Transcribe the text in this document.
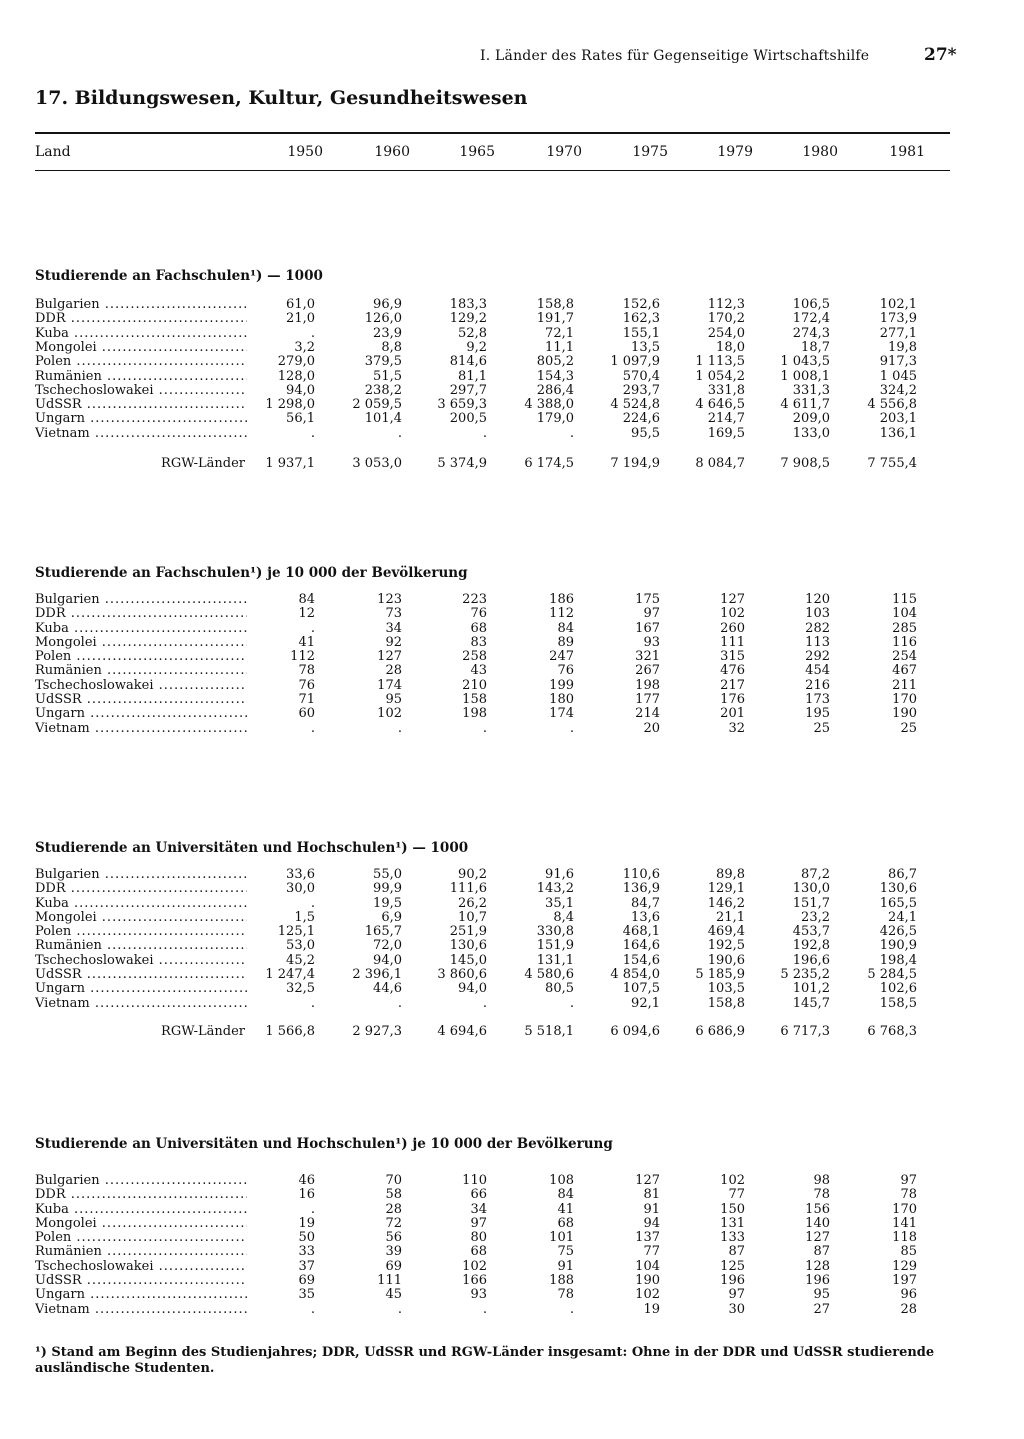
I. Länder des Rates für Gegenseitige Wirtschaftshilfe	27*
17. Bildungswesen, Kultur, Gesundheitswesen
Land	1950	1960	1965	1970	1975	1979	1980	1981
Studierende an Fachschulen¹) — 1000
Bulgarien .....	61,0	96,9	183,3	158,8	152,6	112,3	106,5	102,1
DDR .....	21,0	126,0	129,2	191,7	162,3	170,2	172,4	173,9
Kuba .....	.	23,9	52,8	72,1	155,1	254,0	274,3	277,1
Mongolei .....	3,2	8,8	9,2	11,1	13,5	18,0	18,7	19,8
Polen .....	279,0	379,5	814,6	805,2	1 097,9	1 113,5	1 043,5	917,3
Rumänien .....	128,0	51,5	81,1	154,3	570,4	1 054,2	1 008,1	1 045
Tschechoslowakei .....	94,0	238,2	297,7	286,4	293,7	331,8	331,3	324,2
UdSSR .....	1 298,0	2 059,5	3 659,3	4 388,0	4 524,8	4 646,5	4 611,7	4 556,8
Ungarn .....	56,1	101,4	200,5	179,0	224,6	214,7	209,0	203,1
Vietnam .....	.	.	.	.	95,5	169,5	133,0	136,1
RGW-Länder	1 937,1	3 053,0	5 374,9	6 174,5	7 194,9	8 084,7	7 908,5	7 755,4
Studierende an Fachschulen¹) je 10 000 der Bevölkerung
Bulgarien .....	84	123	223	186	175	127	120	115
DDR .....	12	73	76	112	97	102	103	104
Kuba .....	.	34	68	84	167	260	282	285
Mongolei .....	41	92	83	89	93	111	113	116
Polen .....	112	127	258	247	321	315	292	254
Rumänien .....	78	28	43	76	267	476	454	467
Tschechoslowakei .....	76	174	210	199	198	217	216	211
UdSSR .....	71	95	158	180	177	176	173	170
Ungarn .....	60	102	198	174	214	201	195	190
Vietnam .....	.	.	.	.	20	32	25	25
Studierende an Universitäten und Hochschulen¹) — 1000
Bulgarien .....	33,6	55,0	90,2	91,6	110,6	89,8	87,2	86,7
DDR .....	30,0	99,9	111,6	143,2	136,9	129,1	130,0	130,6
Kuba .....	.	19,5	26,2	35,1	84,7	146,2	151,7	165,5
Mongolei .....	1,5	6,9	10,7	8,4	13,6	21,1	23,2	24,1
Polen .....	125,1	165,7	251,9	330,8	468,1	469,4	453,7	426,5
Rumänien .....	53,0	72,0	130,6	151,9	164,6	192,5	192,8	190,9
Tschechoslowakei .....	45,2	94,0	145,0	131,1	154,6	190,6	196,6	198,4
UdSSR .....	1 247,4	2 396,1	3 860,6	4 580,6	4 854,0	5 185,9	5 235,2	5 284,5
Ungarn .....	32,5	44,6	94,0	80,5	107,5	103,5	101,2	102,6
Vietnam .....	.	.	.	.	92,1	158,8	145,7	158,5
RGW-Länder	1 566,8	2 927,3	4 694,6	5 518,1	6 094,6	6 686,9	6 717,3	6 768,3
Studierende an Universitäten und Hochschulen¹) je 10 000 der Bevölkerung
Bulgarien .....	46	70	110	108	127	102	98	97
DDR .....	16	58	66	84	81	77	78	78
Kuba .....	.	28	34	41	91	150	156	170
Mongolei .....	19	72	97	68	94	131	140	141
Polen .....	50	56	80	101	137	133	127	118
Rumänien .....	33	39	68	75	77	87	87	85
Tschechoslowakei .....	37	69	102	91	104	125	128	129
UdSSR .....	69	111	166	188	190	196	196	197
Ungarn .....	35	45	93	78	102	97	95	96
Vietnam .....	.	.	.	.	19	30	27	28
¹) Stand am Beginn des Studienjahres; DDR, UdSSR und RGW-Länder insgesamt: Ohne in der DDR und UdSSR studierende ausländische Studenten.
